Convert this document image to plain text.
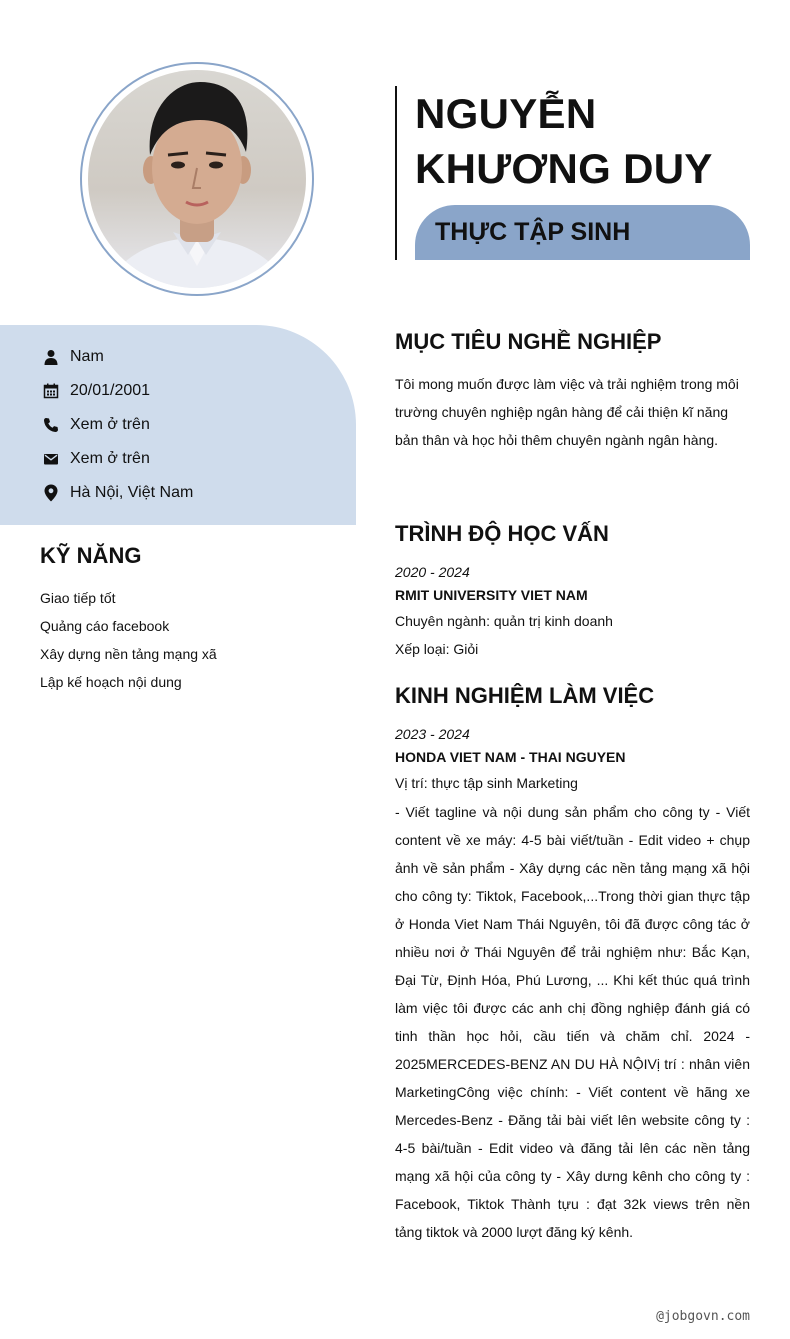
NGUYỄN
KHƯƠNG DUY
THỰC TẬP SINH
Nam
20/01/2001
Xem ở trên
Xem ở trên
Hà Nội, Việt Nam
KỸ NĂNG
Giao tiếp tốt
Quảng cáo facebook
Xây dựng nền tảng mạng xã
Lập kế hoạch nội dung
MỤC TIÊU NGHỀ NGHIỆP
Tôi mong muốn được làm việc và trải nghiệm trong môi trường chuyên nghiệp ngân hàng để cải thiện kĩ năng bản thân và học hỏi thêm chuyên ngành ngân hàng.
TRÌNH ĐỘ HỌC VẤN
2020 - 2024
RMIT UNIVERSITY VIET NAM
Chuyên ngành: quản trị kinh doanh
Xếp loại: Giỏi
KINH NGHIỆM LÀM VIỆC
2023 - 2024
HONDA VIET NAM - THAI NGUYEN
Vị trí: thực tập sinh Marketing
- Viết tagline và nội dung sản phẩm cho công ty - Viết content về xe máy: 4-5 bài viết/tuần - Edit video + chụp ảnh về sản phẩm - Xây dựng các nền tảng mạng xã hội cho công ty: Tiktok, Facebook,...Trong thời gian thực tập ở Honda Viet Nam Thái Nguyên, tôi đã được công tác ở nhiều nơi ở Thái Nguyên để trải nghiệm như: Bắc Kạn, Đại Từ, Định Hóa, Phú Lương, ... Khi kết thúc quá trình làm việc tôi được các anh chị đồng nghiệp đánh giá có tinh thần học hỏi, cầu tiến và chăm chỉ. 2024 - 2025MERCEDES-BENZ AN DU HÀ NỘIVị trí : nhân viên MarketingCông việc chính: - Viết content về hãng xe Mercedes-Benz - Đăng tải bài viết lên website công ty : 4-5 bài/tuần - Edit video và đăng tải lên các nền tảng mạng xã hội của công ty - Xây dưng kênh cho công ty : Facebook, Tiktok Thành tựu : đạt 32k views trên nền tảng tiktok và 2000 lượt đăng ký kênh.
@jobgovn.com
